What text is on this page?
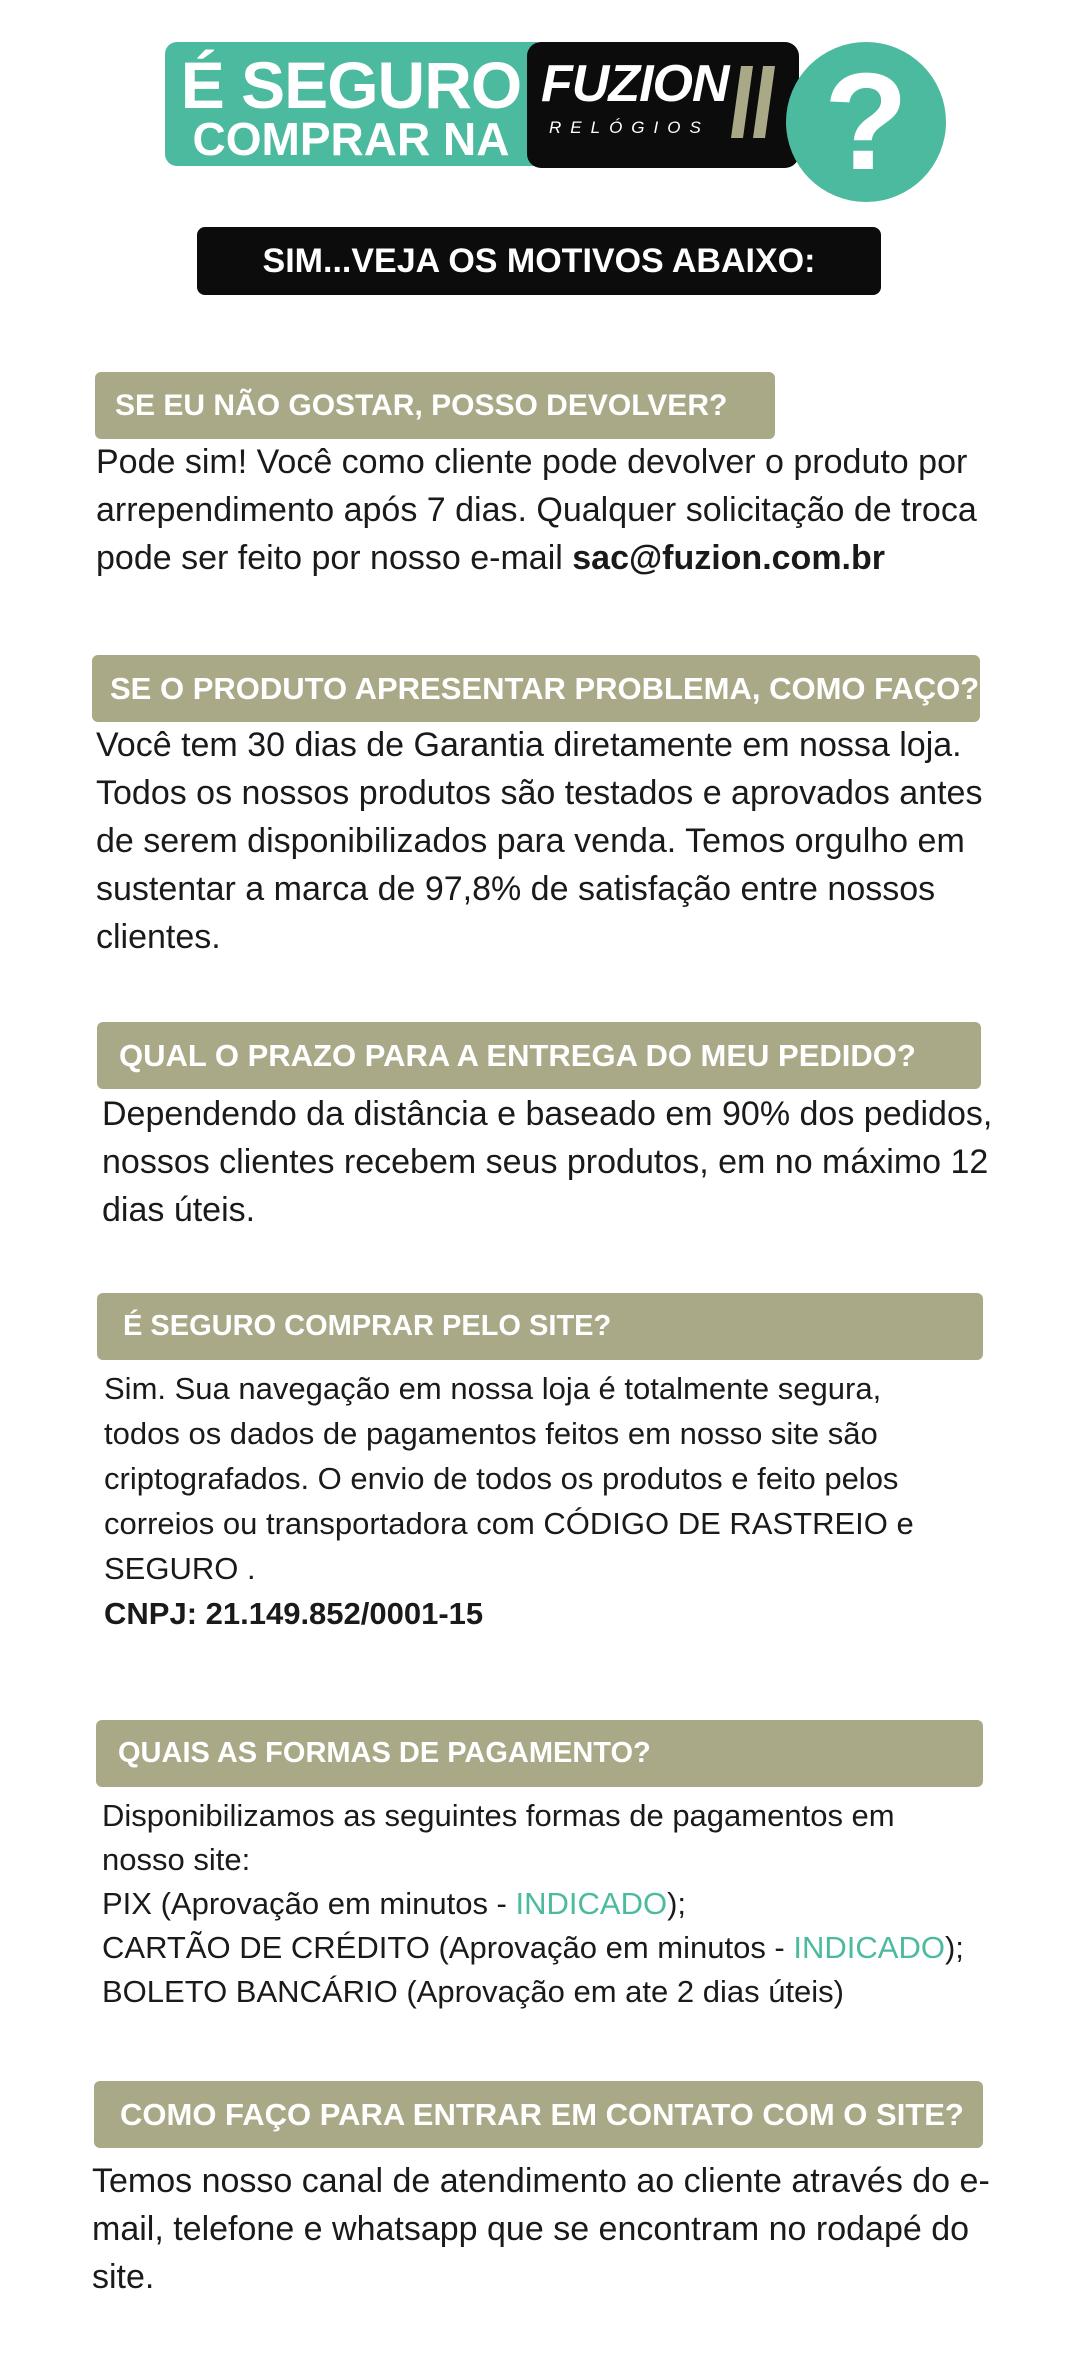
É SEGURO
COMPRAR NA
FUZION
RELÓGIOS ?
SIM...VEJA OS MOTIVOS ABAIXO:
SE EU NÃO GOSTAR, POSSO DEVOLVER?

Pode sim! Você como cliente pode devolver o produto por arrependimento após 7 dias. Qualquer solicitação de troca pode ser feito por nosso e-mail sac@fuzion.com.br

SE O PRODUTO APRESENTAR PROBLEMA, COMO FAÇO?

Você tem 30 dias de Garantia diretamente em nossa loja. Todos os nossos produtos são testados e aprovados antes de serem disponibilizados para venda. Temos orgulho em sustentar a marca de 97,8% de satisfação entre nossos clientes.

QUAL O PRAZO PARA A ENTREGA DO MEU PEDIDO?

Dependendo da distância e baseado em 90% dos pedidos, nossos clientes recebem seus produtos, em no máximo 12 dias úteis.

É SEGURO COMPRAR PELO SITE?
Sim. Sua navegação em nossa loja é totalmente segura, todos os dados de pagamentos feitos em nosso site são criptografados. O envio de todos os produtos e feito pelos correios ou transportadora com CÓDIGO DE RASTREIO e SEGURO .
CNPJ: 21.149.852/0001-15
QUAIS AS FORMAS DE PAGAMENTO?
Disponibilizamos as seguintes formas de pagamentos em nosso site:
PIX (Aprovação em minutos - INDICADO);
CARTÃO DE CRÉDITO (Aprovação em minutos - INDICADO);
BOLETO BANCÁRIO (Aprovação em ate 2 dias úteis)
COMO FAÇO PARA ENTRAR EM CONTATO COM O SITE?

Temos nosso canal de atendimento ao cliente através do e-mail, telefone e whatsapp que se encontram no rodapé do site.
